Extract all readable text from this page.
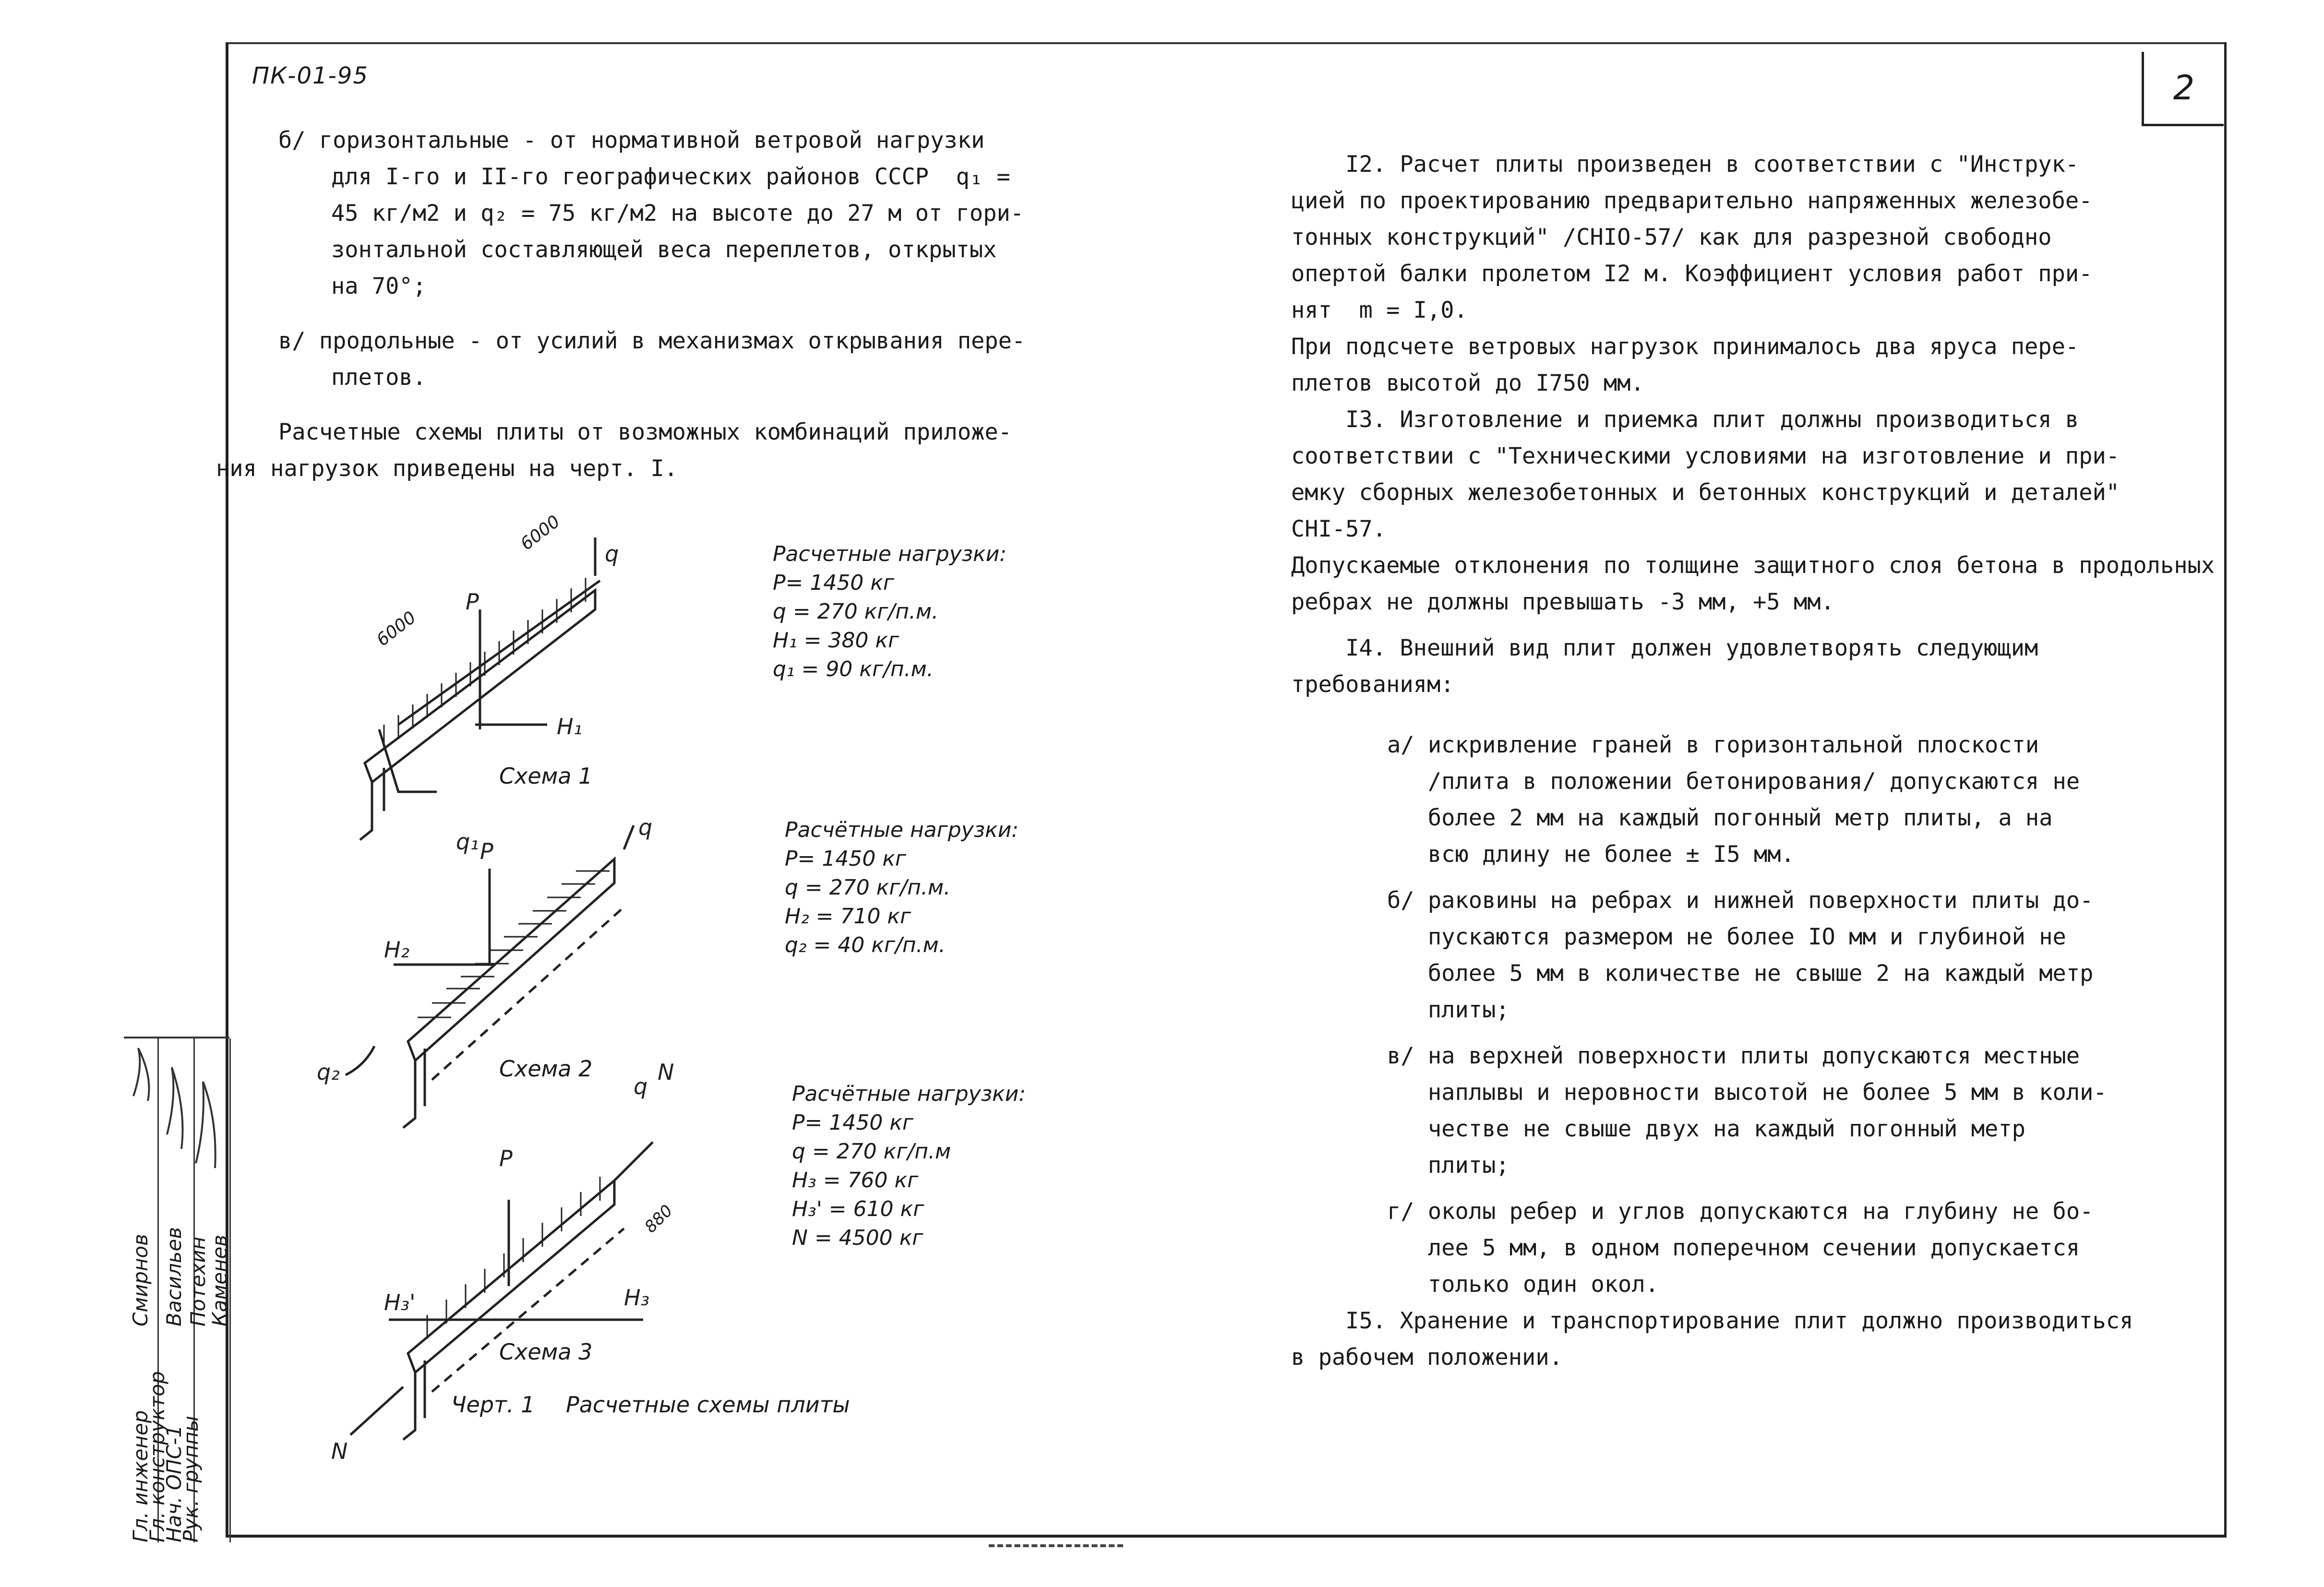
ПК-01-95	2

б/ горизонтальные - от нормативной ветровой нагрузки

для I-го и II-го географических районов СССР  q₁ =

45 кг/м2 и q₂ = 75 кг/м2 на высоте до 27 м от гори-

зонтальной составляющей веса переплетов, открытых

на 70°;

в/ продольные - от усилий в механизмах открывания пере-

плетов.

Расчетные схемы плиты от возможных комбинаций приложе-

ния нагрузок приведены на черт. I.

P
q
H₁
q₁ P
q
H₂
q₂
q
N
P
H₃'	H₃
N
6000
6000
880
Схема 1
Схема 2
Схема 3
Черт. 1 Расчетные схемы плиты
Расчетные нагрузки:
P= 1450 кг
q = 270 кг/п.м.
H₁ = 380 кг
q₁ = 90 кг/п.м.
Расчётные нагрузки:
P= 1450 кг
q = 270 кг/п.м.
H₂ = 710 кг
q₂ = 40 кг/п.м.
Расчётные нагрузки:
P= 1450 кг
q = 270 кг/п.м
H₃ = 760 кг
H₃' = 610 кг
N = 4500 кг

I2. Расчет плиты произведен в соответствии с "Инструк-

цией по проектированию предварительно напряженных железобе-

тонных конструкций" /СНIO-57/ как для разрезной свободно

опертой балки пролетом I2 м. Коэффициент условия работ при-

нят  m = I,0.

При подсчете ветровых нагрузок принималось два яруса пере-

плетов высотой до I750 мм.

I3. Изготовление и приемка плит должны производиться в

соответствии с "Техническими условиями на изготовление и при-

емку сборных железобетонных и бетонных конструкций и деталей"

СНI-57.

Допускаемые отклонения по толщине защитного слоя бетона в продольных

ребрах не должны превышать -3 мм, +5 мм.

I4. Внешний вид плит должен удовлетворять следующим

требованиям:

а/ искривление граней в горизонтальной плоскости

/плита в положении бетонирования/ допускаются не

более 2 мм на каждый погонный метр плиты, а на

всю длину не более ± I5 мм.

б/ раковины на ребрах и нижней поверхности плиты до-

пускаются размером не более IO мм и глубиной не

более 5 мм в количестве не свыше 2 на каждый метр

плиты;

в/ на верхней поверхности плиты допускаются местные

наплывы и неровности высотой не более 5 мм в коли-

честве не свыше двух на каждый погонный метр

плиты;

г/ околы ребер и углов допускаются на глубину не бо-

лее 5 мм, в одном поперечном сечении допускается

только один окол.

I5. Хранение и транспортирование плит должно производиться

в рабочем положении.

Гл. инженер
Гл. конструктор
Нач. ОПС-1
Рук. группы
Смирнов Васильев Потехин
Каменев
